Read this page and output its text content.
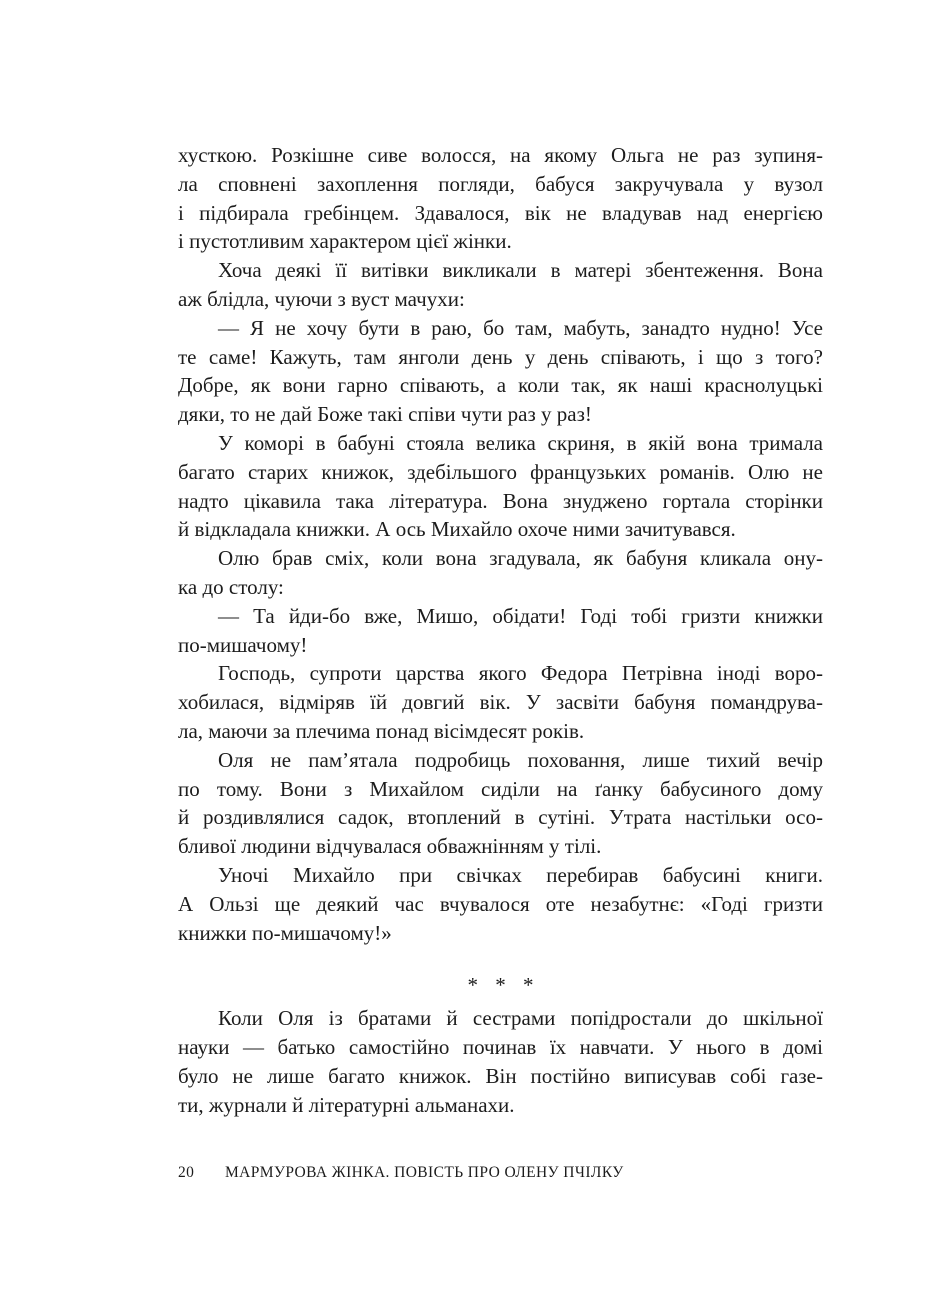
хусткою. Розкішне сиве волосся, на якому Ольга не раз зупиня-
ла сповнені захоплення погляди, бабуся закручувала у вузол
і підбирала гребінцем. Здавалося, вік не владував над енергією
і пустотливим характером цієї жінки.
Хоча деякі її витівки викликали в матері збентеження. Вона
аж блідла, чуючи з вуст мачухи:
— Я не хочу бути в раю, бо там, мабуть, занадто нудно! Усе
те саме! Кажуть, там янголи день у день співають, і що з того?
Добре, як вони гарно співають, а коли так, як наші краснолуцькі
дяки, то не дай Боже такі співи чути раз у раз!
У коморі в бабуні стояла велика скриня, в якій вона тримала
багато старих книжок, здебільшого французьких романів. Олю не
надто цікавила така література. Вона знуджено гортала сторінки
й відкладала книжки. А ось Михайло охоче ними зачитувався.
Олю брав сміх, коли вона згадувала, як бабуня кликала ону-
ка до столу:
— Та йди-бо вже, Мишо, обідати! Годі тобі гризти книжки
по-мишачому!
Господь, супроти царства якого Федора Петрівна іноді воро-
хобилася, відміряв їй довгий вік. У засвіти бабуня помандрува-
ла, маючи за плечима понад вісімдесят років.
Оля не пам’ятала подробиць поховання, лише тихий вечір
по тому. Вони з Михайлом сиділи на ґанку бабусиного дому
й роздивлялися садок, втоплений в сутіні. Утрата настільки осо-
бливої людини відчувалася обважнінням у тілі.
Уночі Михайло при свічках перебирав бабусині книги.
А Ользі ще деякий час вчувалося оте незабутнє: «Годі гризти
книжки по-мишачому!»
* * *
Коли Оля із братами й сестрами попідростали до шкільної
науки — батько самостійно починав їх навчати. У нього в домі
було не лише багато книжок. Він постійно виписував собі газе-
ти, журнали й літературні альманахи.
20 МАРМУРОВА ЖІНКА. ПОВІСТЬ ПРО ОЛЕНУ ПЧІЛКУ
